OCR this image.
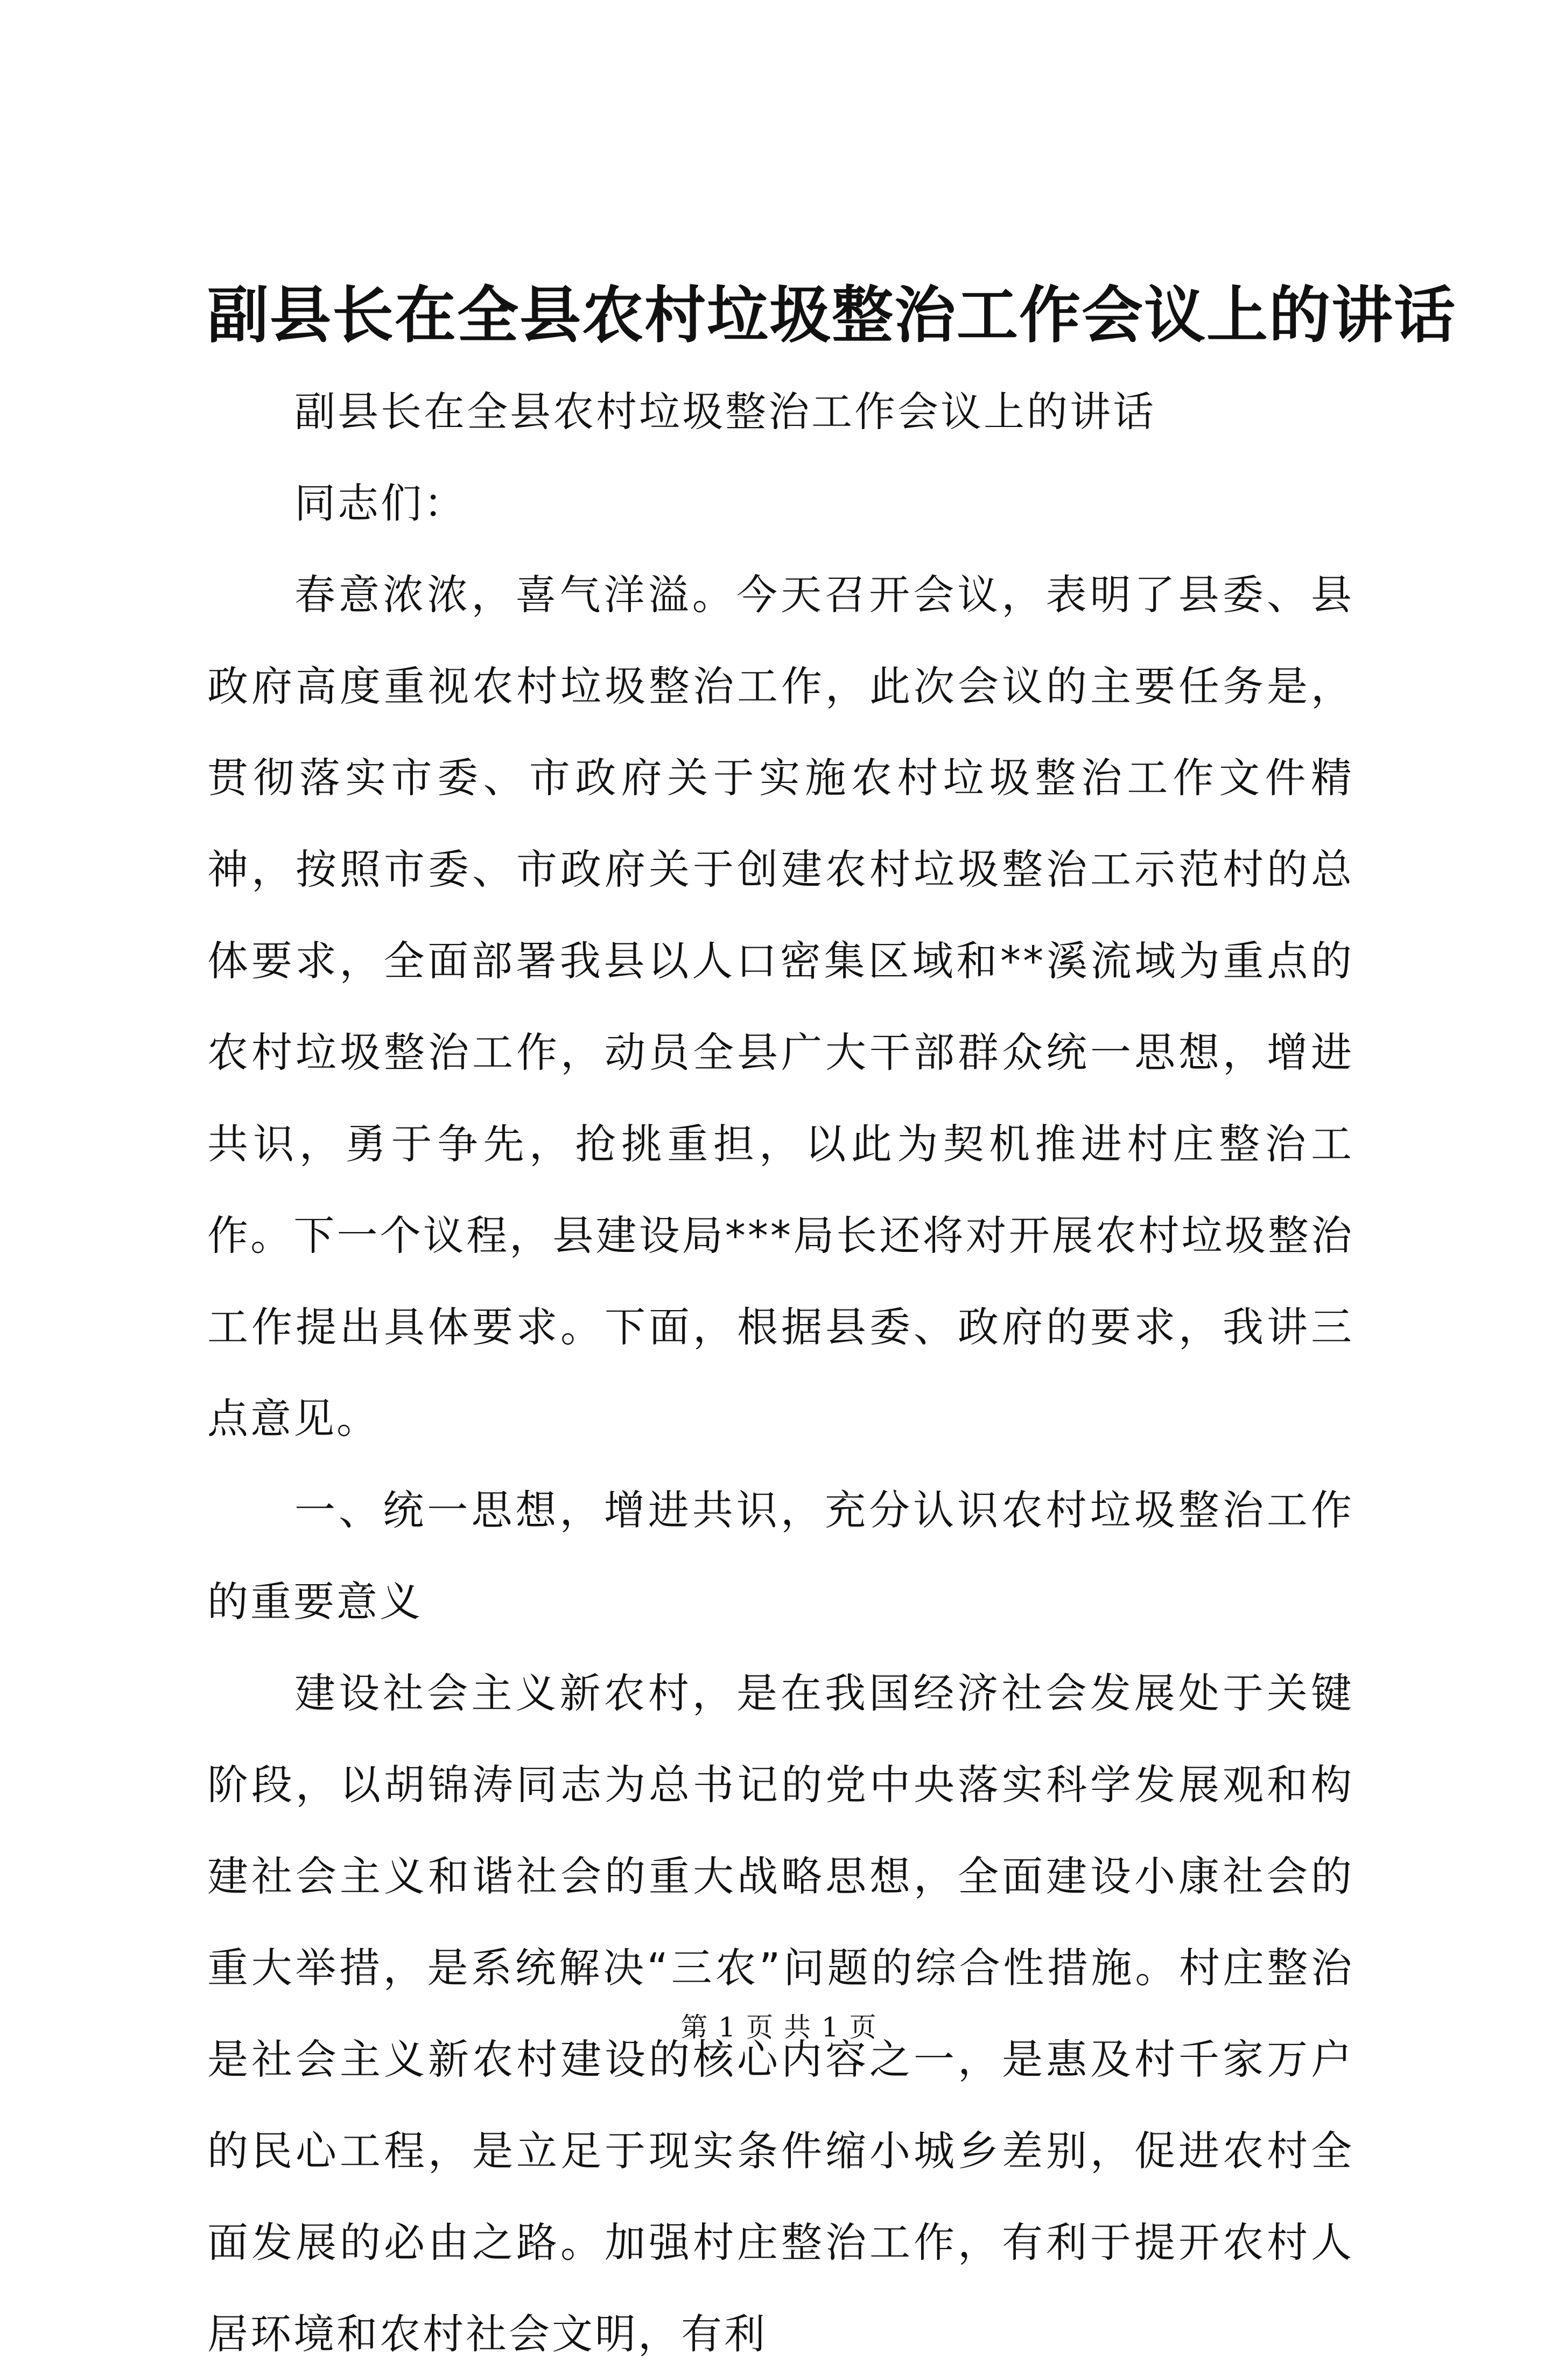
副县长在全县农村垃圾整治工作会议上的讲话

副县长在全县农村垃圾整治工作会议上的讲话

同志们：

春意浓浓，喜气洋溢。今天召开会议，表明了县委、县政府高度重视农村垃圾整治工作，此次会议的主要任务是，贯彻落实市委、市政府关于实施农村垃圾整治工作文件精神，按照市委、市政府关于创建农村垃圾整治工示范村的总体要求，全面部署我县以人口密集区域和**溪流域为重点的农村垃圾整治工作，动员全县广大干部群众统一思想，增进共识，勇于争先，抢挑重担，以此为契机推进村庄整治工作。下一个议程，县建设局***局长还将对开展农村垃圾整治工作提出具体要求。下面，根据县委、政府的要求，我讲三点意见。

一、统一思想，增进共识，充分认识农村垃圾整治工作的重要意义

建设社会主义新农村，是在我国经济社会发展处于关键阶段，以胡锦涛同志为总书记的党中央落实科学发展观和构建社会主义和谐社会的重大战略思想，全面建设小康社会的重大举措，是系统解决“三农”问题的综合性措施。村庄整治是社会主义新农村建设的核心内容之一，是惠及村千家万户的民心工程，是立足于现实条件缩小城乡差别，促进农村全面发展的必由之路。加强村庄整治工作，有利于提开农村人居环境和农村社会文明，有利

第 1 页 共 1 页
